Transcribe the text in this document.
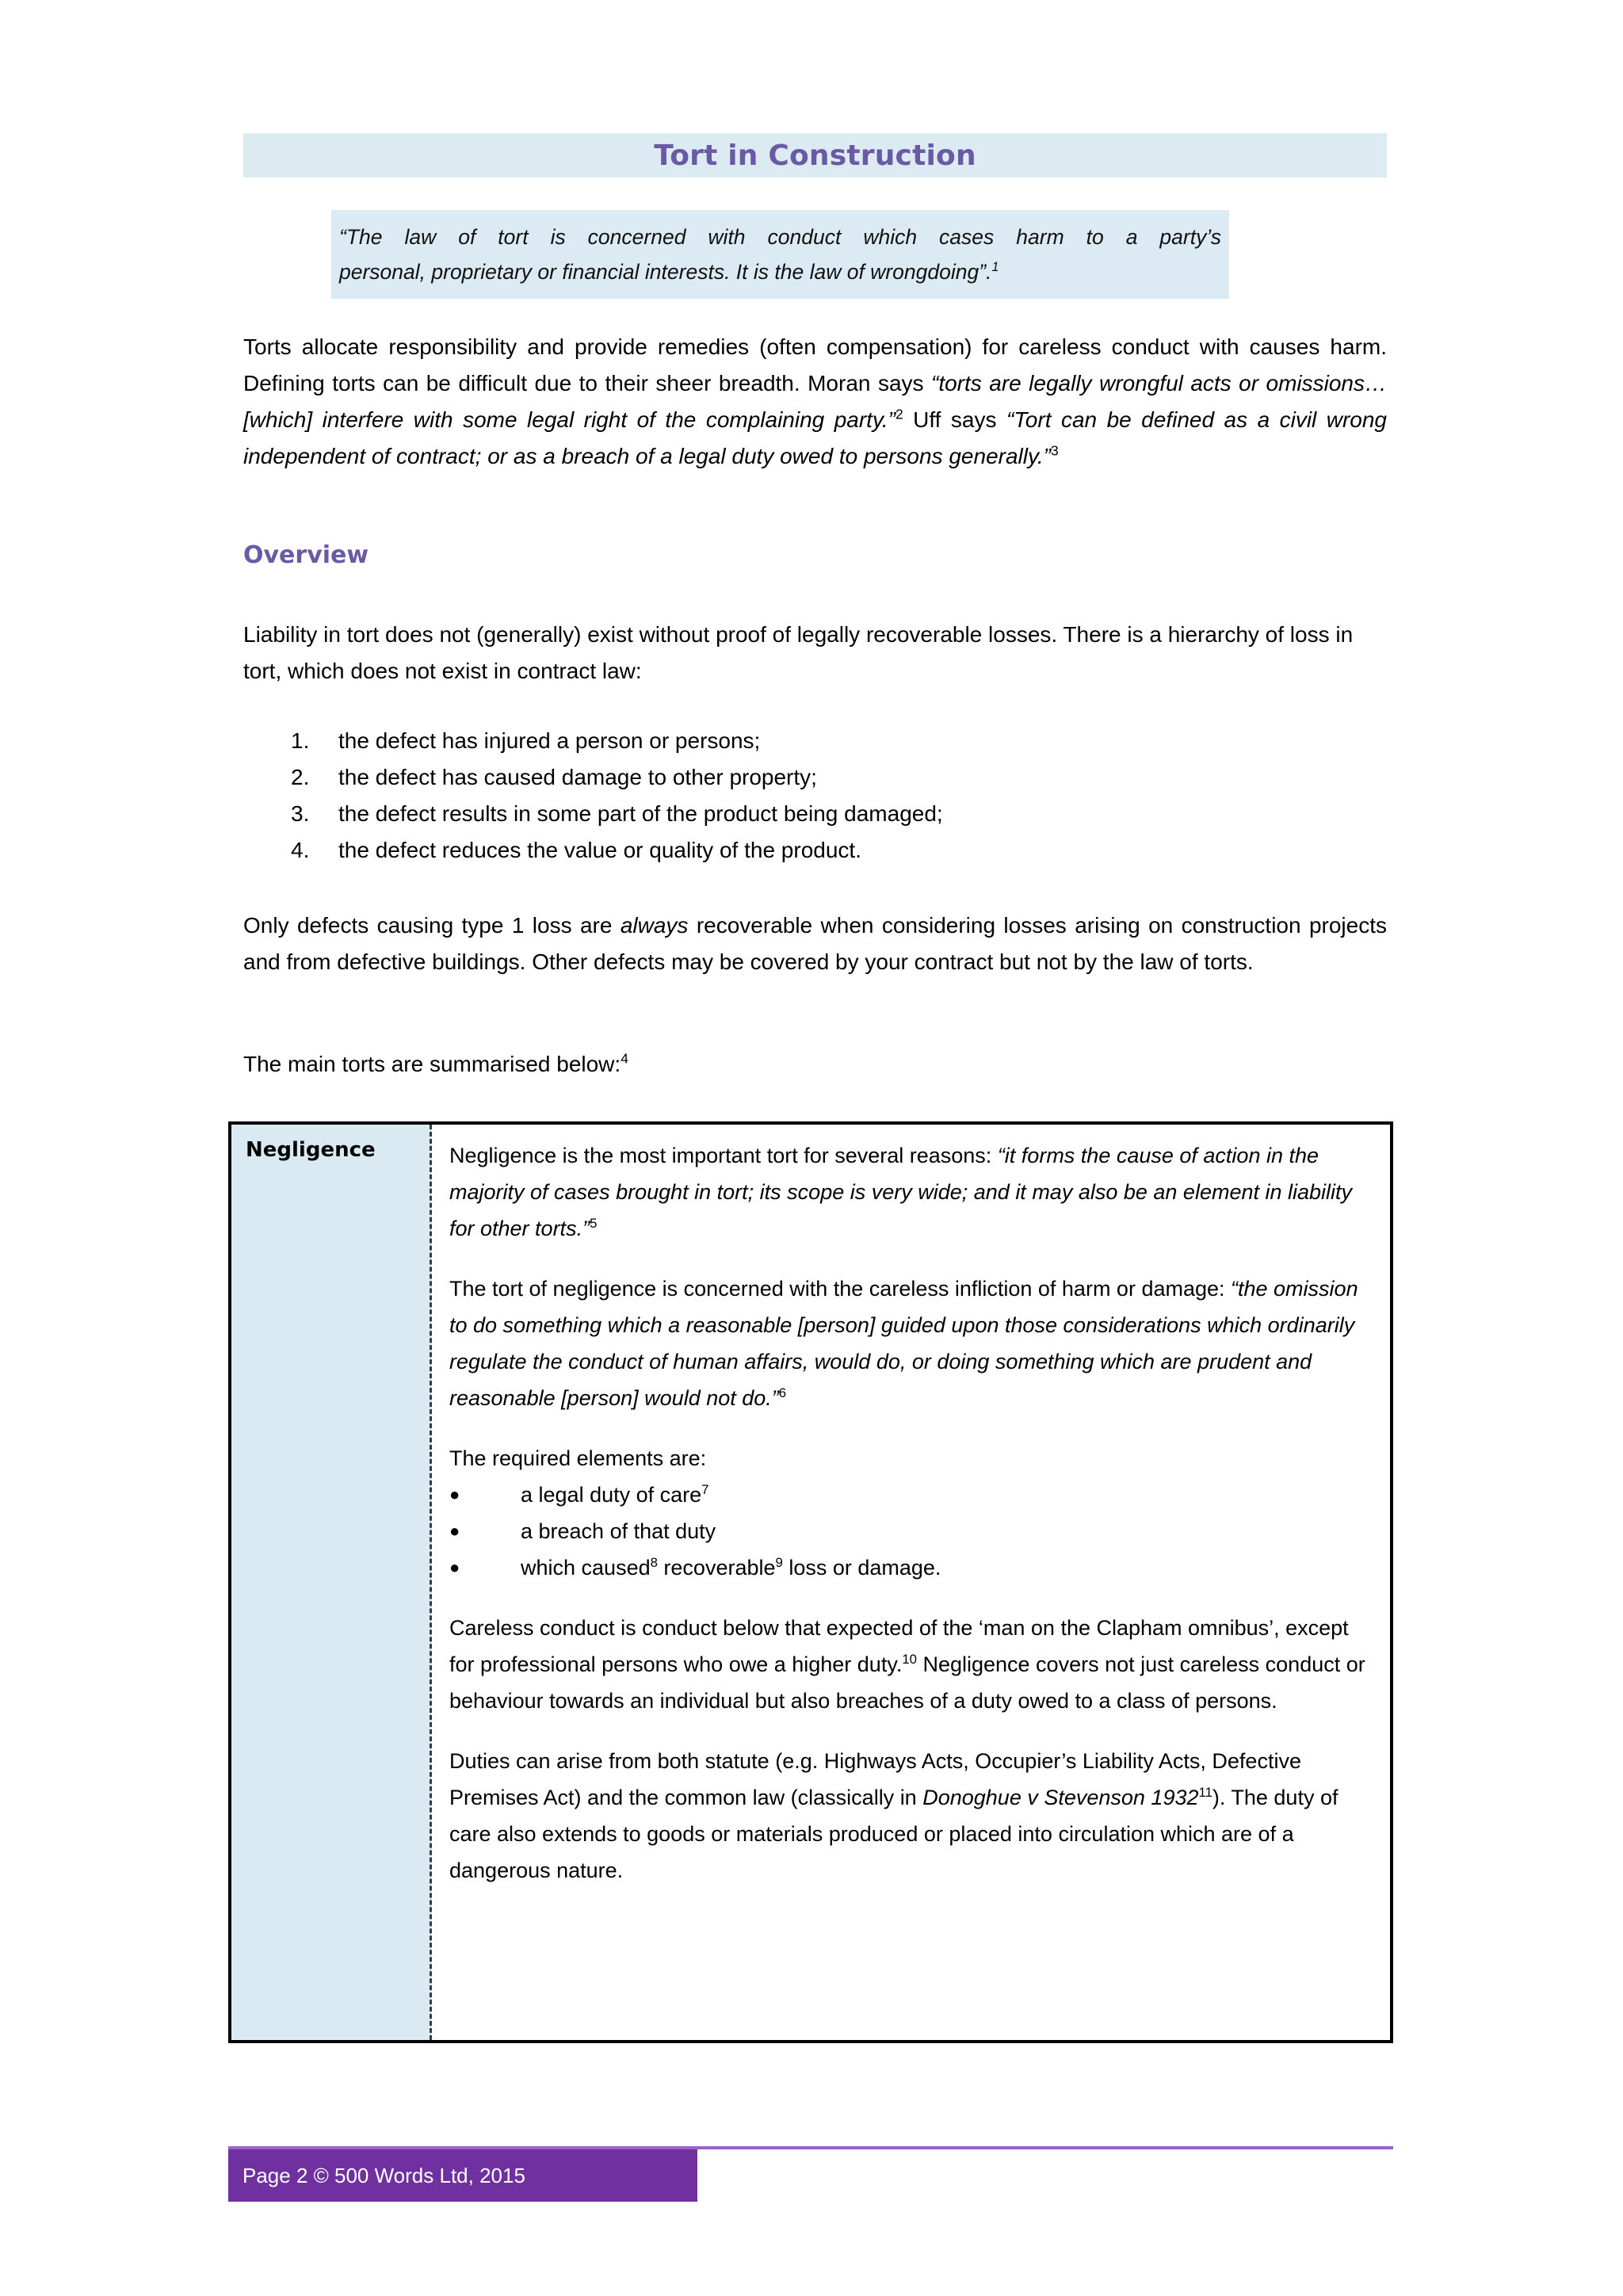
Tort in Construction
“The law of tort is concerned with conduct which cases harm to a party’s
personal, proprietary or financial interests. It is the law of wrongdoing”.$^1$

Torts allocate responsibility and provide remedies (often compensation) for careless conduct with causes harm. Defining torts can be difficult due to their sheer breadth. Moran says “torts are legally wrongful acts or omissions… [which] interfere with some legal right of the complaining party.”$^2$ Uff says “Tort can be defined as a civil wrong independent of contract; or as a breach of a legal duty owed to persons generally.”$^3$

Overview

Liability in tort does not (generally) exist without proof of legally recoverable losses. There is a hierarchy of loss in tort, which does not exist in contract law:

1.	the defect has injured a person or persons;
2.	the defect has caused damage to other property;
3.	the defect results in some part of the product being damaged;
4.	the defect reduces the value or quality of the product.

Only defects causing type 1 loss are always recoverable when considering losses arising on construction projects and from defective buildings. Other defects may be covered by your contract but not by the law of torts.

The main torts are summarised below:$^4$

Negligence	Negligence is the most important tort for several reasons: “it forms the cause of action in the majority of cases brought in tort; its scope is very wide; and it may also be an element in liability for other torts.”$^5$

The tort of negligence is concerned with the careless infliction of harm or damage: “the omission to do something which a reasonable [person] guided upon those considerations which ordinarily regulate the conduct of human affairs, would do, or doing something which are prudent and reasonable [person] would not do.”$^6$

The required elements are:

●	a legal duty of care$^7$
●	a breach of that duty
●	which caused$^8$ recoverable$^9$ loss or damage.

Careless conduct is conduct below that expected of the ‘man on the Clapham omnibus’, except for professional persons who owe a higher duty.$^{10}$ Negligence covers not just careless conduct or behaviour towards an individual but also breaches of a duty owed to a class of persons.

Duties can arise from both statute (e.g. Highways Acts, Occupier’s Liability Acts, Defective Premises Act) and the common law (classically in Donoghue v Stevenson 1932$^{11}$). The duty of care also extends to goods or materials produced or placed into circulation which are of a dangerous nature.

Page 2 © 500 Words Ltd, 2015
